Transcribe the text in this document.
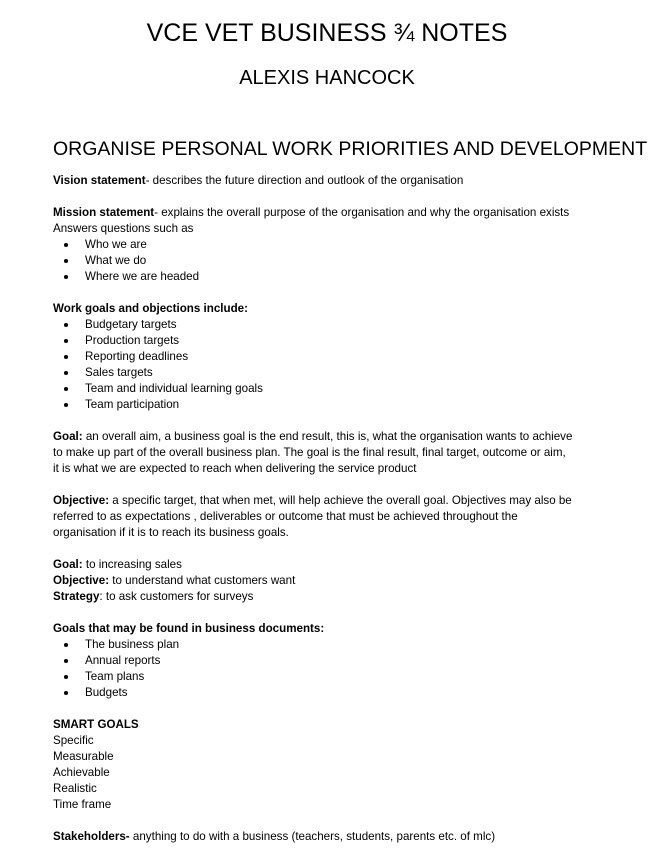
VCE VET BUSINESS ¾ NOTES
ALEXIS HANCOCK
ORGANISE PERSONAL WORK PRIORITIES AND DEVELOPMENT

Vision statement- describes the future direction and outlook of the organisation

Mission statement- explains the overall purpose of the organisation and why the organisation exists

Answers questions such as

Who we are
What we do
Where we are headed

Work goals and objections include:

Budgetary targets
Production targets
Reporting deadlines
Sales targets
Team and individual learning goals
Team participation

Goal: an overall aim, a business goal is the end result, this is, what the organisation wants to achieve

to make up part of the overall business plan. The goal is the final result, final target, outcome or aim,

it is what we are expected to reach when delivering the service product

Objective: a specific target, that when met, will help achieve the overall goal. Objectives may also be

referred to as expectations , deliverables or outcome that must be achieved throughout the

organisation if it is to reach its business goals.

Goal: to increasing sales

Objective: to understand what customers want

Strategy: to ask customers for surveys

Goals that may be found in business documents:

The business plan
Annual reports
Team plans
Budgets

SMART GOALS

Specific

Measurable

Achievable

Realistic

Time frame

Stakeholders- anything to do with a business (teachers, students, parents etc. of mlc)
